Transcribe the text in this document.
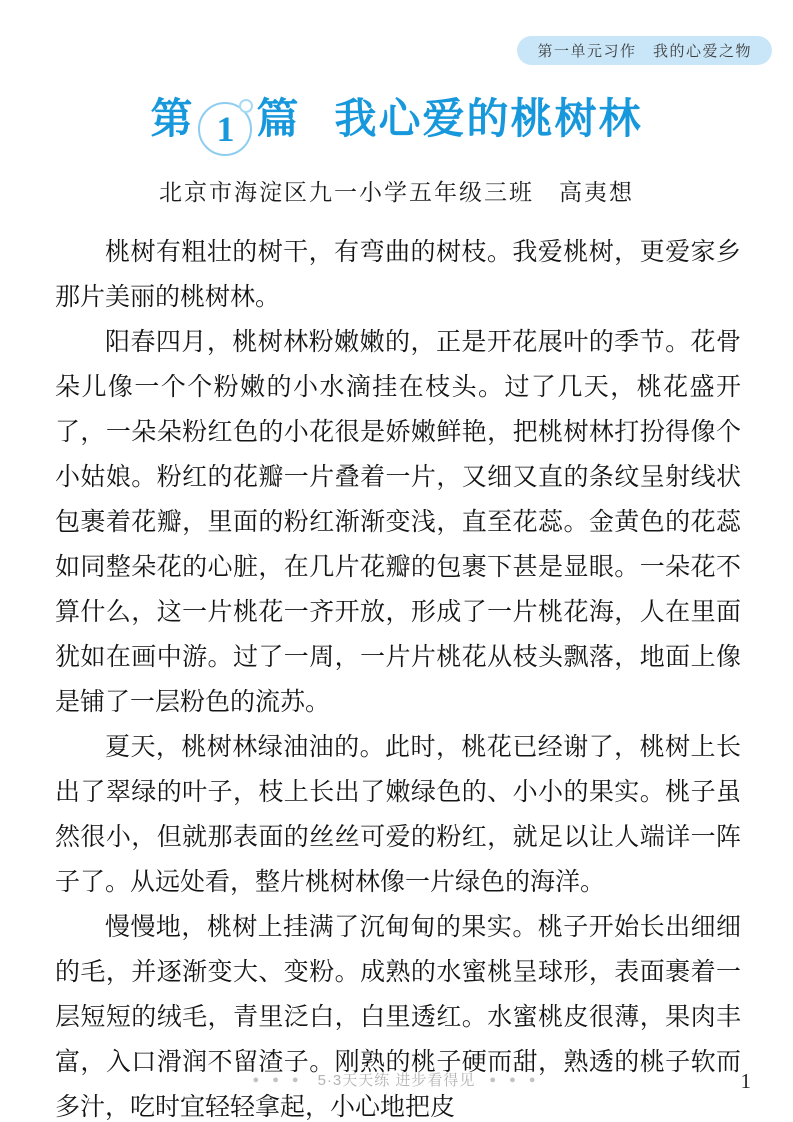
第一单元习作　我的心爱之物
第 1 篇 我心爱的桃树林
北京市海淀区九一小学五年级三班　高夷想

桃树有粗壮的树干，有弯曲的树枝。我爱桃树，更爱家乡那片美丽的桃树林。

阳春四月，桃树林粉嫩嫩的，正是开花展叶的季节。花骨朵儿像一个个粉嫩的小水滴挂在枝头。过了几天，桃花盛开了，一朵朵粉红色的小花很是娇嫩鲜艳，把桃树林打扮得像个小姑娘。粉红的花瓣一片叠着一片，又细又直的条纹呈射线状包裹着花瓣，里面的粉红渐渐变浅，直至花蕊。金黄色的花蕊如同整朵花的心脏，在几片花瓣的包裹下甚是显眼。一朵花不算什么，这一片桃花一齐开放，形成了一片桃花海，人在里面犹如在画中游。过了一周，一片片桃花从枝头飘落，地面上像是铺了一层粉色的流苏。

夏天，桃树林绿油油的。此时，桃花已经谢了，桃树上长出了翠绿的叶子，枝上长出了嫩绿色的、小小的果实。桃子虽然很小，但就那表面的丝丝可爱的粉红，就足以让人端详一阵子了。从远处看，整片桃树林像一片绿色的海洋。

慢慢地，桃树上挂满了沉甸甸的果实。桃子开始长出细细的毛，并逐渐变大、变粉。成熟的水蜜桃呈球形，表面裹着一层短短的绒毛，青里泛白，白里透红。水蜜桃皮很薄，果肉丰富，入口滑润不留渣子。刚熟的桃子硬而甜，熟透的桃子软而多汁，吃时宜轻轻拿起，小心地把皮

● ● ● 5·3天天练 进步看得见 ● ● ●	1
